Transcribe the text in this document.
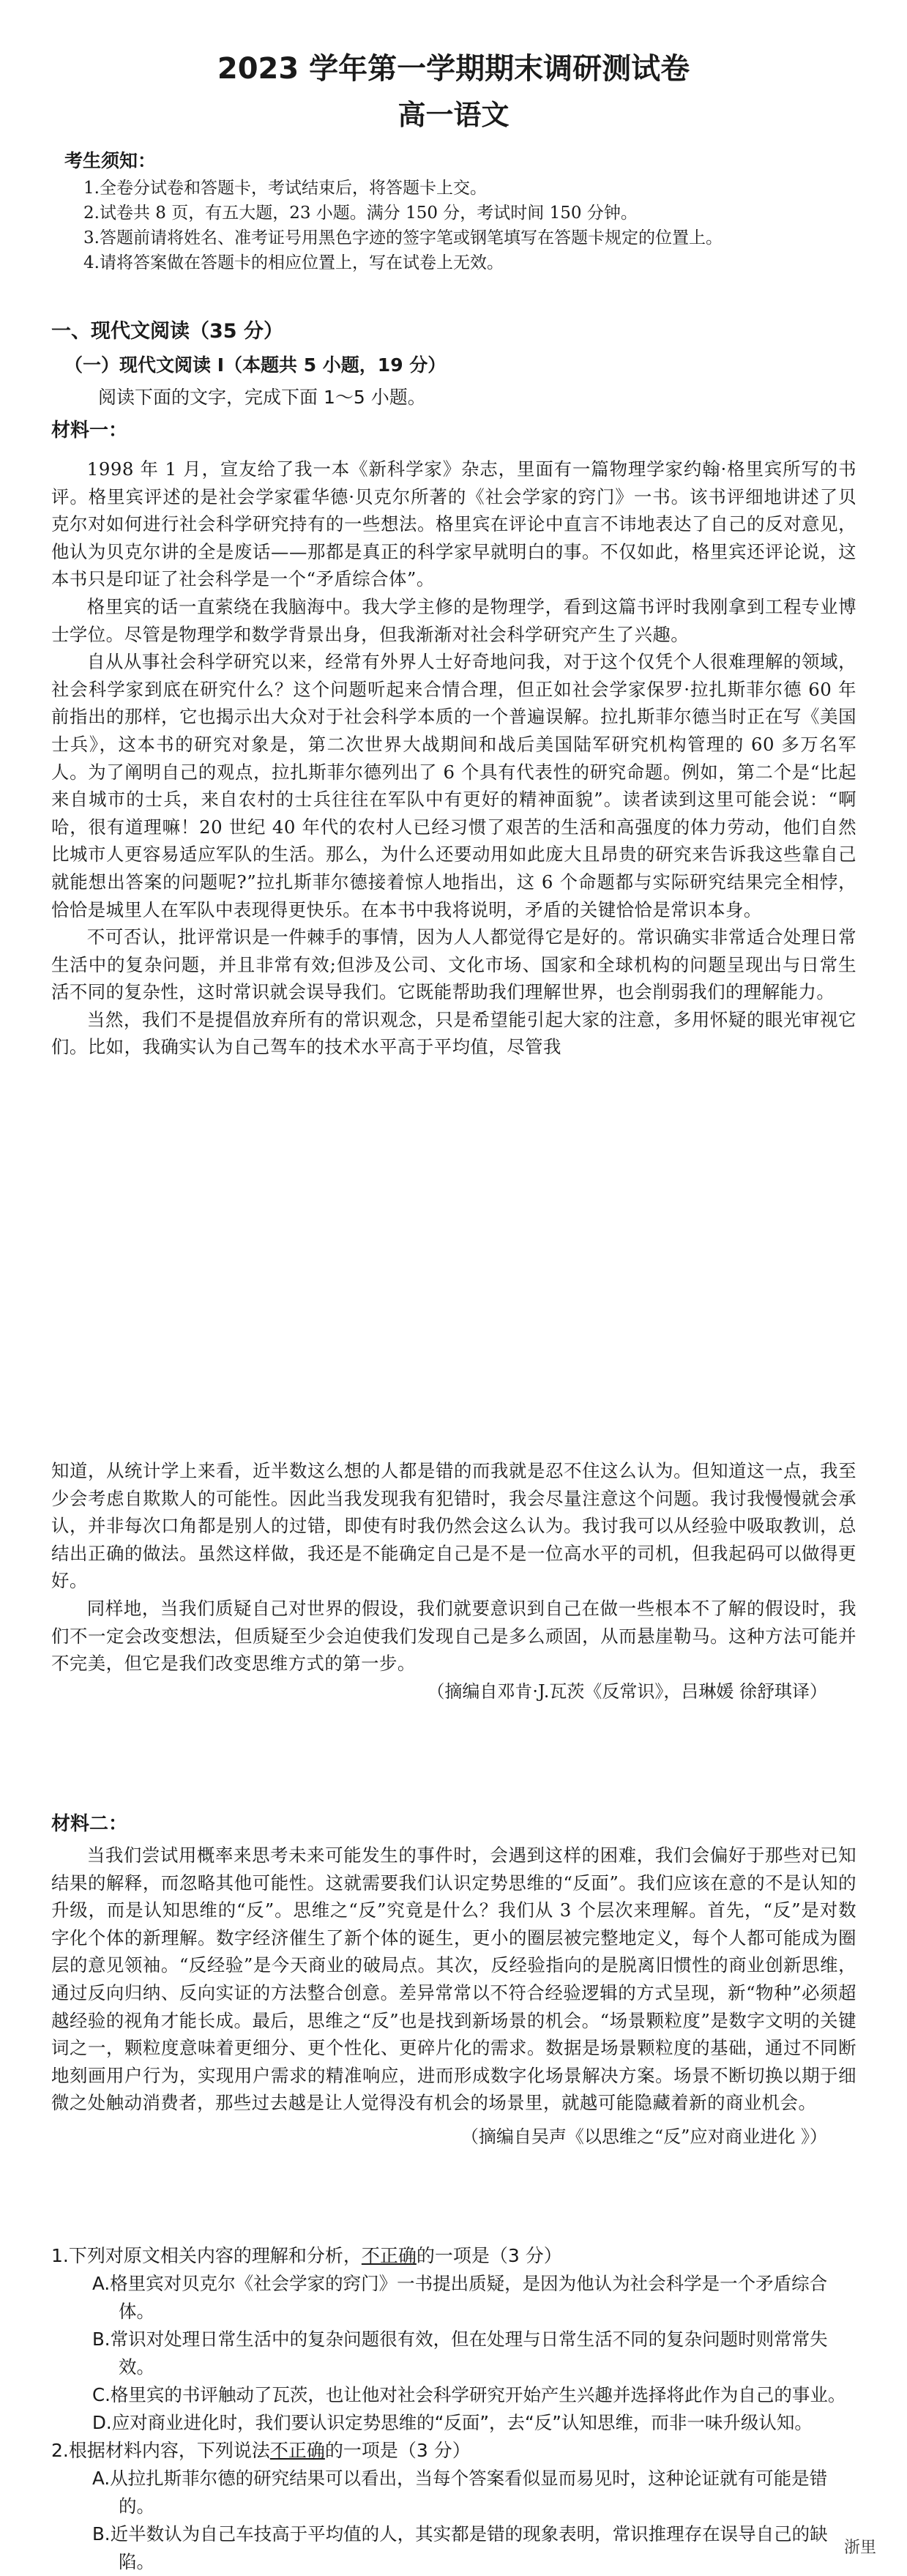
2023 学年第一学期期末调研测试卷
高一语文
考生须知：
1.全卷分试卷和答题卡，考试结束后，将答题卡上交。
2.试卷共 8 页，有五大题，23 小题。满分 150 分，考试时间 150 分钟。
3.答题前请将姓名、准考证号用黑色字迹的签字笔或钢笔填写在答题卡规定的位置上。
4.请将答案做在答题卡的相应位置上，写在试卷上无效。
一、现代文阅读（35 分）
（一）现代文阅读 I（本题共 5 小题，19 分）
阅读下面的文字，完成下面 1～5 小题。
材料一：

1998 年 1 月，宣友给了我一本《新科学家》杂志，里面有一篇物理学家约翰·格里宾所写的书评。格里宾评述的是社会学家霍华德·贝克尔所著的《社会学家的窍门》一书。该书评细地讲述了贝克尔对如何进行社会科学研究持有的一些想法。格里宾在评论中直言不讳地表达了自己的反对意见，他认为贝克尔讲的全是废话——那都是真正的科学家早就明白的事。不仅如此，格里宾还评论说，这本书只是印证了社会科学是一个“矛盾综合体”。

格里宾的话一直萦绕在我脑海中。我大学主修的是物理学，看到这篇书评时我刚拿到工程专业博士学位。尽管是物理学和数学背景出身，但我渐渐对社会科学研究产生了兴趣。

自从从事社会科学研究以来，经常有外界人士好奇地问我，对于这个仅凭个人很难理解的领域，社会科学家到底在研究什么？这个问题听起来合情合理，但正如社会学家保罗·拉扎斯菲尔德 60 年前指出的那样，它也揭示出大众对于社会科学本质的一个普遍误解。拉扎斯菲尔德当时正在写《美国士兵》，这本书的研究对象是，第二次世界大战期间和战后美国陆军研究机构管理的 60 多万名军人。为了阐明自己的观点，拉扎斯菲尔德列出了 6 个具有代表性的研究命题。例如，第二个是“比起来自城市的士兵，来自农村的士兵往往在军队中有更好的精神面貌”。读者读到这里可能会说：“啊哈，很有道理嘛！20 世纪 40 年代的农村人已经习惯了艰苦的生活和高强度的体力劳动，他们自然比城市人更容易适应军队的生活。那么，为什么还要动用如此庞大且昂贵的研究来告诉我这些靠自己就能想出答案的问题呢?”拉扎斯菲尔德接着惊人地指出，这 6 个命题都与实际研究结果完全相悖，恰恰是城里人在军队中表现得更快乐。在本书中我将说明，矛盾的关键恰恰是常识本身。

不可否认，批评常识是一件棘手的事情，因为人人都觉得它是好的。常识确实非常适合处理日常生活中的复杂问题，并且非常有效;但涉及公司、文化市场、国家和全球机构的问题呈现出与日常生活不同的复杂性，这时常识就会误导我们。它既能帮助我们理解世界，也会削弱我们的理解能力。

当然，我们不是提倡放弃所有的常识观念，只是希望能引起大家的注意，多用怀疑的眼光审视它们。比如，我确实认为自己驾车的技术水平高于平均值，尽管我

知道，从统计学上来看，近半数这么想的人都是错的而我就是忍不住这么认为。但知道这一点，我至少会考虑自欺欺人的可能性。因此当我发现我有犯错时，我会尽量注意这个问题。我讨我慢慢就会承认，并非每次口角都是别人的过错，即使有时我仍然会这么认为。我讨我可以从经验中吸取教训，总结出正确的做法。虽然这样做，我还是不能确定自己是不是一位高水平的司机，但我起码可以做得更好。

同样地，当我们质疑自己对世界的假设，我们就要意识到自己在做一些根本不了解的假设时，我们不一定会改变想法，但质疑至少会迫使我们发现自己是多么顽固，从而悬崖勒马。这种方法可能并不完美，但它是我们改变思维方式的第一步。

（摘编自邓肯·J.瓦茨《反常识》，吕琳媛 徐舒琪译）

材料二：

当我们尝试用概率来思考未来可能发生的事件时，会遇到这样的困难，我们会偏好于那些对已知结果的解释，而忽略其他可能性。这就需要我们认识定势思维的“反面”。我们应该在意的不是认知的升级，而是认知思维的“反”。思维之“反”究竟是什么？我们从 3 个层次来理解。首先，“反”是对数字化个体的新理解。数字经济催生了新个体的诞生，更小的圈层被完整地定义，每个人都可能成为圈层的意见领袖。“反经验”是今天商业的破局点。其次，反经验指向的是脱离旧惯性的商业创新思维，通过反向归纳、反向实证的方法整合创意。差异常常以不符合经验逻辑的方式呈现，新“物种”必须超越经验的视角才能长成。最后，思维之“反”也是找到新场景的机会。“场景颗粒度”是数字文明的关键词之一，颗粒度意味着更细分、更个性化、更碎片化的需求。数据是场景颗粒度的基础，通过不同断地刻画用户行为，实现用户需求的精准响应，进而形成数字化场景解决方案。场景不断切换以期于细微之处触动消费者，那些过去越是让人觉得没有机会的场景里，就越可能隐藏着新的商业机会。

（摘编自吴声《以思维之“反”应对商业进化 》）

1.下列对原文相关内容的理解和分析，不正确的一项是（3 分）

A.格里宾对贝克尔《社会学家的窍门》一书提出质疑，是因为他认为社会科学是一个矛盾综合体。
B.常识对处理日常生活中的复杂问题很有效，但在处理与日常生活不同的复杂问题时则常常失效。
C.格里宾的书评触动了瓦茨，也让他对社会科学研究开始产生兴趣并选择将此作为自己的事业。
D.应对商业进化时，我们要认识定势思维的“反面”，去“反”认知思维，而非一味升级认知。

2.根据材料内容，下列说法不正确的一项是（3 分）

A.从拉扎斯菲尔德的研究结果可以看出，当每个答案看似显而易见时，这种论证就有可能是错的。
B.近半数认为自己车技高于平均值的人，其实都是错的现象表明，常识推理存在误导自己的缺陷。
浙里
